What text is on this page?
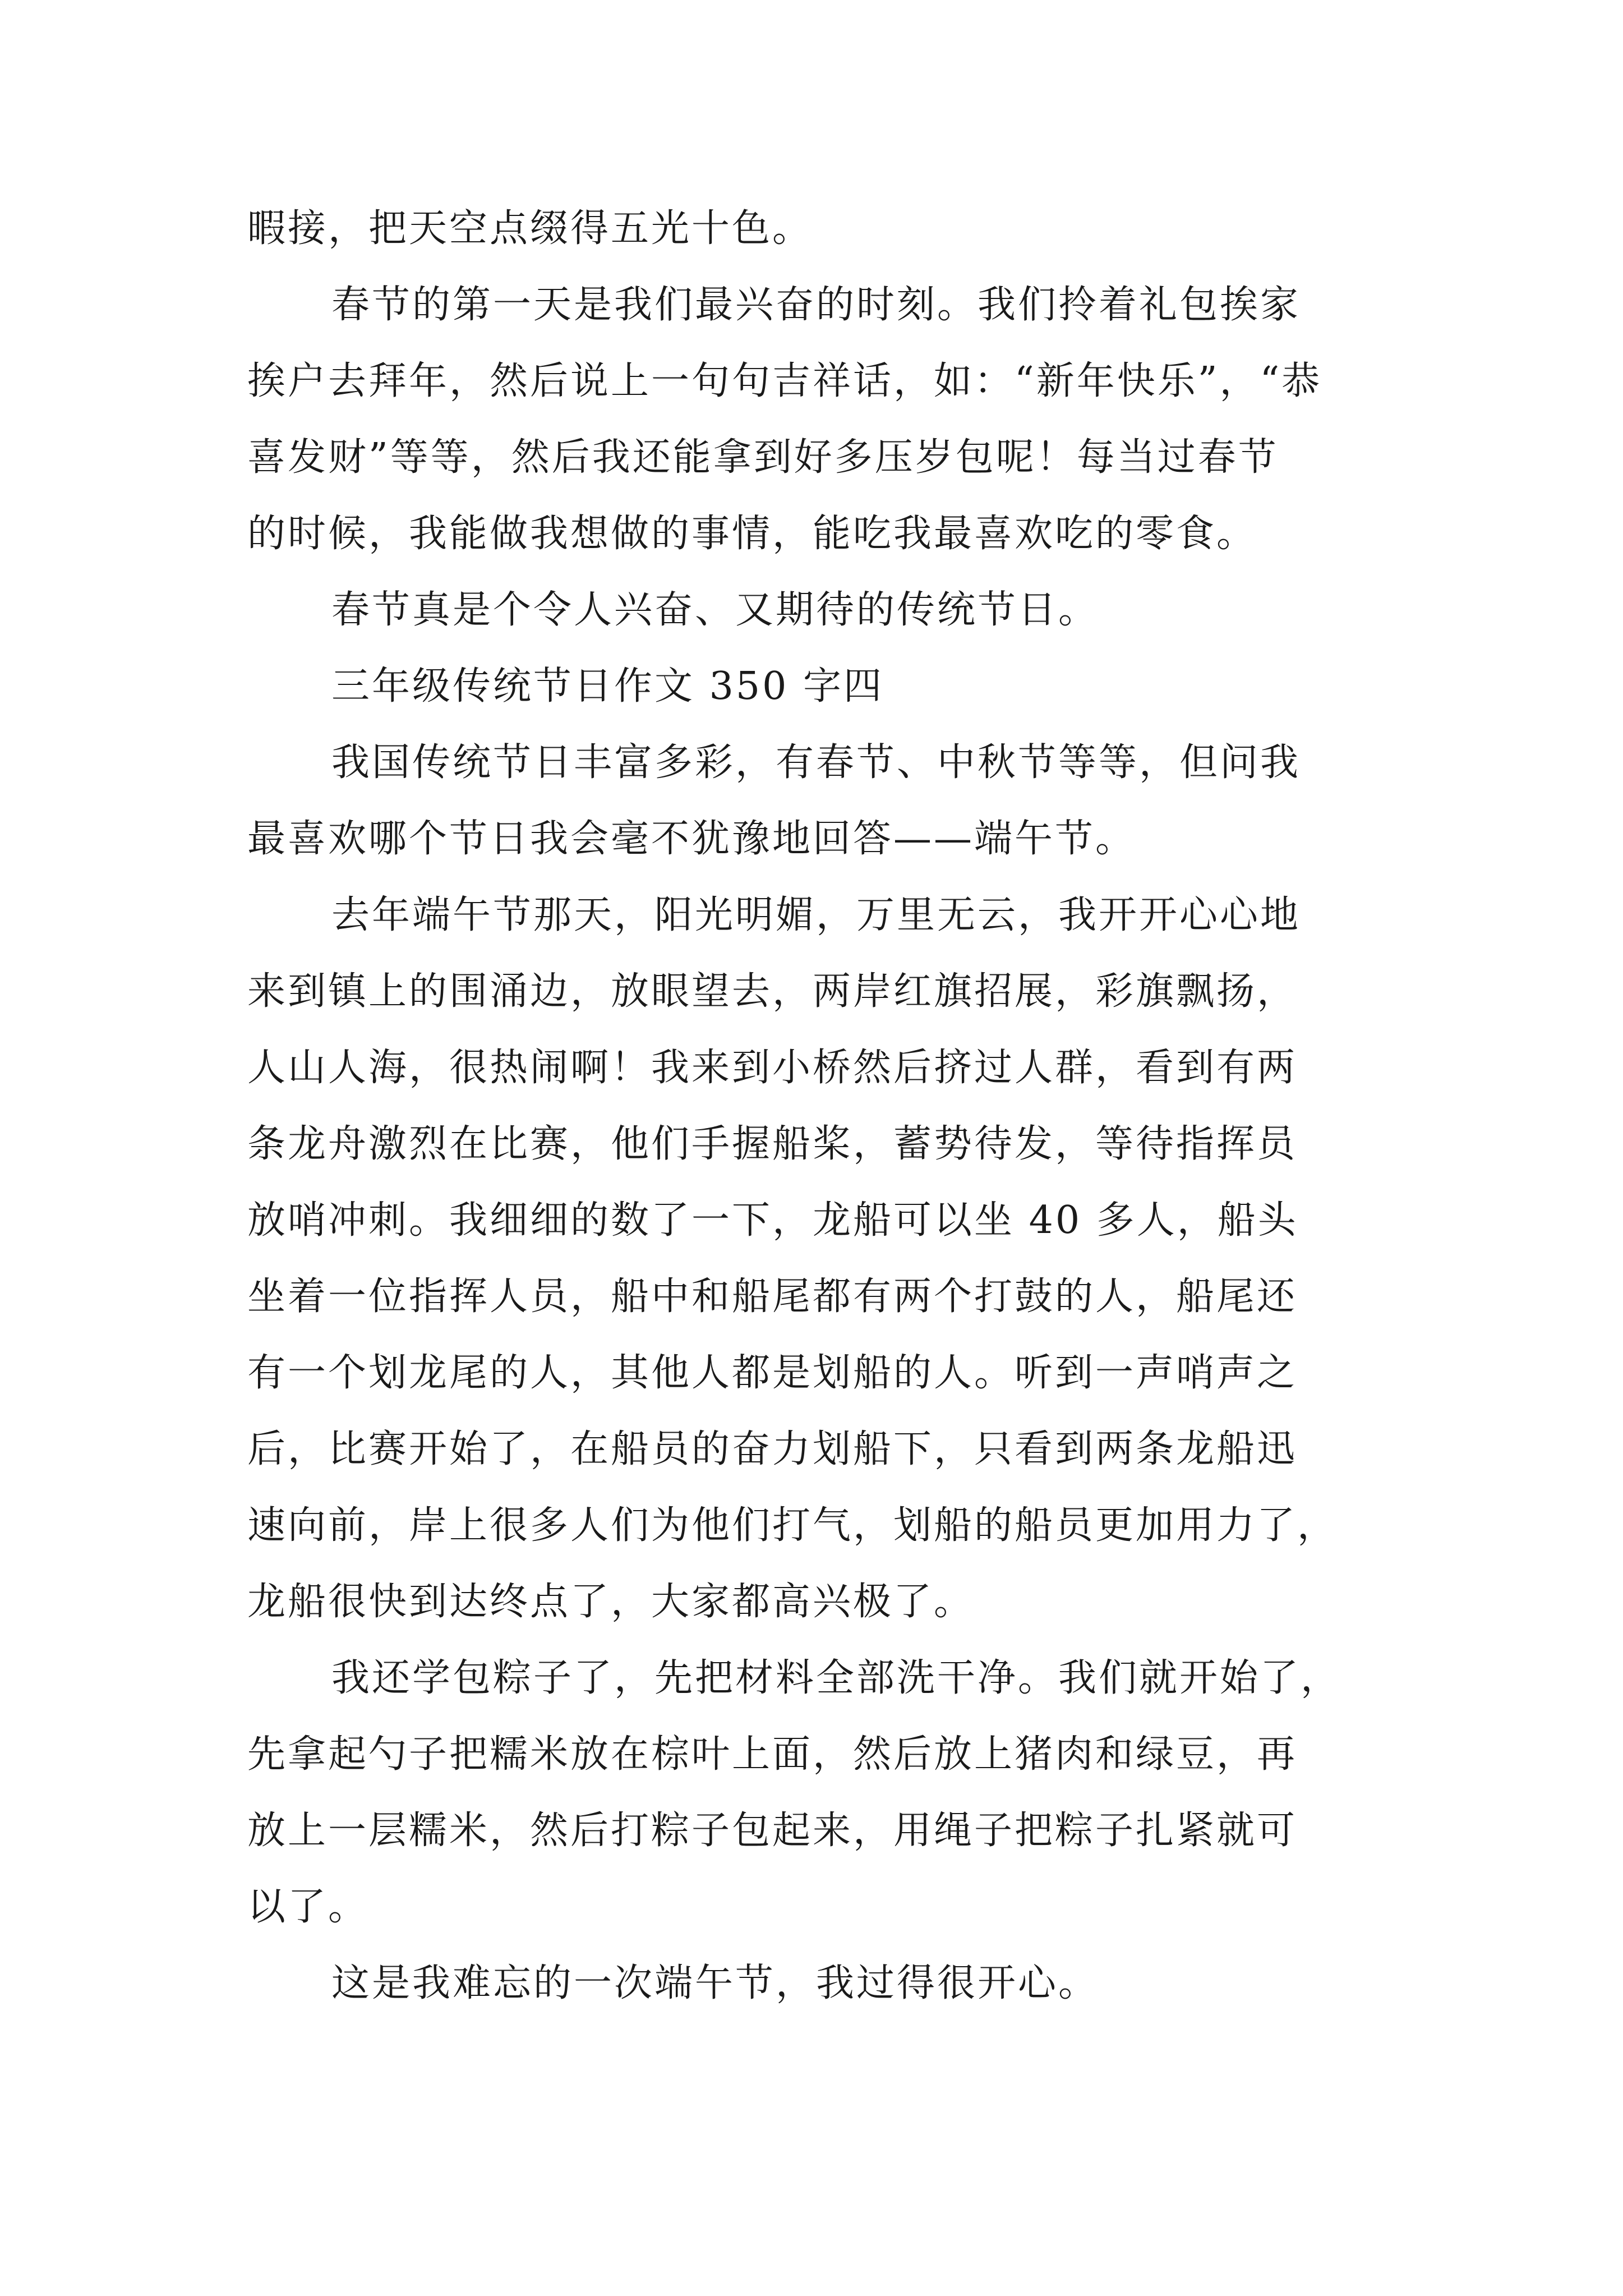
暇接，把天空点缀得五光十色。
春节的第一天是我们最兴奋的时刻。我们拎着礼包挨家
挨户去拜年，然后说上一句句吉祥话，如：“新年快乐”，“恭
喜发财”等等，然后我还能拿到好多压岁包呢！每当过春节
的时候，我能做我想做的事情，能吃我最喜欢吃的零食。
春节真是个令人兴奋、又期待的传统节日。
三年级传统节日作文 350 字四
我国传统节日丰富多彩，有春节、中秋节等等，但问我
最喜欢哪个节日我会毫不犹豫地回答——端午节。
去年端午节那天，阳光明媚，万里无云，我开开心心地
来到镇上的围涌边，放眼望去，两岸红旗招展，彩旗飘扬，
人山人海，很热闹啊！我来到小桥然后挤过人群，看到有两
条龙舟激烈在比赛，他们手握船桨，蓄势待发，等待指挥员
放哨冲刺。我细细的数了一下，龙船可以坐 40 多人，船头
坐着一位指挥人员，船中和船尾都有两个打鼓的人，船尾还
有一个划龙尾的人，其他人都是划船的人。听到一声哨声之
后，比赛开始了，在船员的奋力划船下，只看到两条龙船迅
速向前，岸上很多人们为他们打气，划船的船员更加用力了，
龙船很快到达终点了，大家都高兴极了。
我还学包粽子了，先把材料全部洗干净。我们就开始了，
先拿起勺子把糯米放在棕叶上面，然后放上猪肉和绿豆，再
放上一层糯米，然后打粽子包起来，用绳子把粽子扎紧就可
以了。
这是我难忘的一次端午节，我过得很开心。
